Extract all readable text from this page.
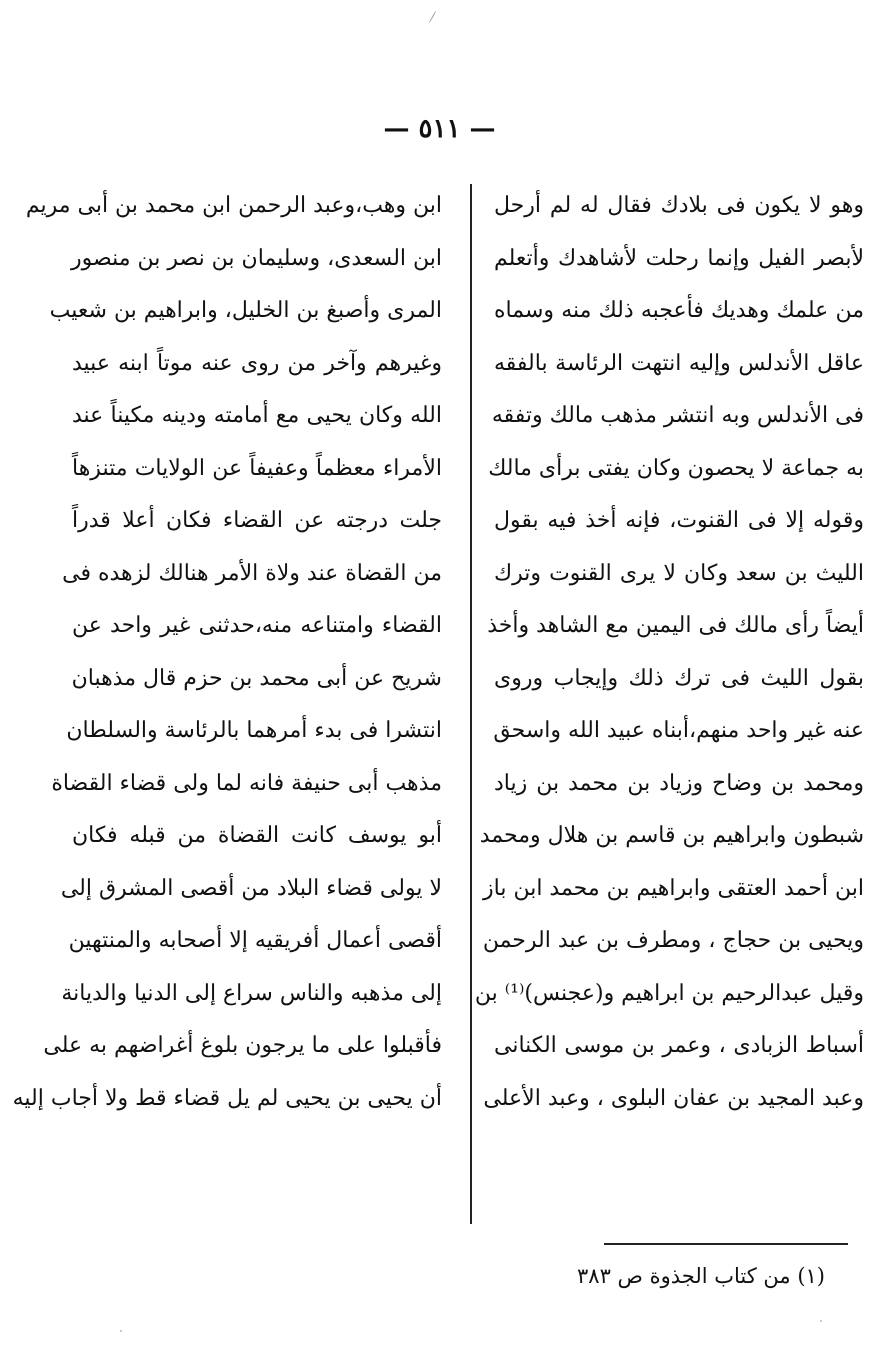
— ٥١١ —
وهو لا يكون فى بلادك فقال له لم أرحل
لأبصر الفيل وإنما رحلت لأشاهدك وأتعلم
من علمك وهديك فأعجبه ذلك منه وسماه
عاقل الأندلس وإليه انتهت الرئاسة بالفقه
فى الأندلس وبه انتشر مذهب مالك وتفقه
به جماعة لا يحصون وكان يفتى برأى مالك
وقوله إلا فى القنوت، فإنه أخذ فيه بقول
الليث بن سعد وكان لا يرى القنوت وترك
أيضاً رأى مالك فى اليمين مع الشاهد وأخذ
بقول الليث فى ترك ذلك وإيجاب وروى
عنه غير واحد منهم،أبناه عبيد الله واسحق
ومحمد بن وضاح وزياد بن محمد بن زياد
شبطون وابراهيم بن قاسم بن هلال ومحمد
ابن أحمد العتقى وابراهيم بن محمد ابن باز
ويحيى بن حجاج ، ومطرف بن عبد الرحمن
وقيل عبدالرحيم بن ابراهيم و(عجنس)⁽¹⁾ بن
أسباط الزبادى ، وعمر بن موسى الكنانى
وعبد المجيد بن عفان البلوى ، وعبد الأعلى
ابن وهب،وعبد الرحمن ابن محمد بن أبى مريم
ابن السعدى، وسليمان بن نصر بن منصور
المرى وأصبغ بن الخليل، وابراهيم بن شعيب
وغيرهم وآخر من روى عنه موتاً ابنه عبيد
الله وكان يحيى مع أمامته ودينه مكيناً عند
الأمراء معظماً وعفيفاً عن الولايات متنزهاً
جلت درجته عن القضاء فكان أعلا قدراً
من القضاة عند ولاة الأمر هنالك لزهده فى
القضاء وامتناعه منه،حدثنى غير واحد عن
شريح عن أبى محمد بن حزم قال مذهبان
انتشرا فى بدء أمرهما بالرئاسة والسلطان
مذهب أبى حنيفة فانه لما ولى قضاء القضاة
أبو يوسف كانت القضاة من قبله فكان
لا يولى قضاء البلاد من أقصى المشرق إلى
أقصى أعمال أفريقيه إلا أصحابه والمنتهين
إلى مذهبه والناس سراع إلى الدنيا والديانة
فأقبلوا على ما يرجون بلوغ أغراضهم به على
أن يحيى بن يحيى لم يل قضاء قط ولا أجاب إليه
(١) من كتاب الجذوة ص ٣٨٣
